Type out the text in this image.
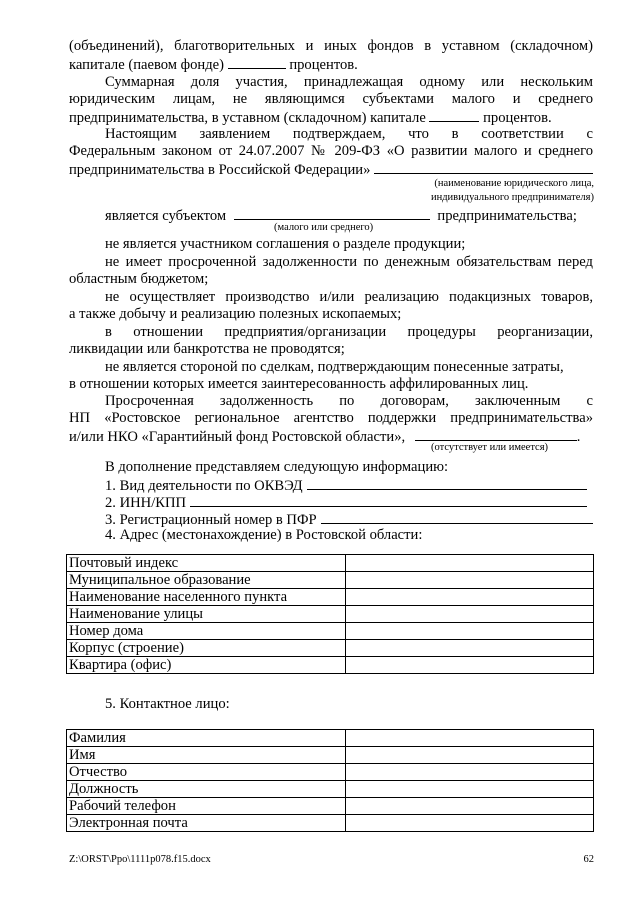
(объединений), благотворительных и иных фондов в уставном (складочном)
капитале (паевом фонде)	процентов.
Суммарная доля участия, принадлежащая одному или нескольким
юридическим лицам, не являющимся субъектами малого и среднего
предпринимательства, в уставном (складочном) капитале	процентов.
Настоящим заявлением подтверждаем, что в соответствии с
Федеральным законом от 24.07.2007 № 209-ФЗ «О развитии малого и среднего
предпринимательства в Российской Федерации»
(наименование юридического лица,
индивидуального предпринимателя)
является субъектом	предпринимательства;
(малого или среднего)
не является участником соглашения о разделе продукции;
не имеет просроченной задолженности по денежным обязательствам перед
областным бюджетом;
не осуществляет производство и/или реализацию подакцизных товаров,
а также добычу и реализацию полезных ископаемых;
в отношении предприятия/организации процедуры реорганизации,
ликвидации или банкротства не проводятся;
не является стороной по сделкам, подтверждающим понесенные затраты,
в отношении которых имеется заинтересованность аффилированных лиц.
Просроченная задолженность по договорам, заключенным с
НП «Ростовское региональное агентство поддержки предпринимательства»
и/или НКО «Гарантийный фонд Ростовской области»,	.
(отсутствует или имеется)
В дополнение представляем следующую информацию:
1. Вид деятельности по ОКВЭД
2. ИНН/КПП
3. Регистрационный номер в ПФР
4. Адрес (местонахождение) в Ростовской области:
Почтовый индекс	
Муниципальное образование	
Наименование населенного пункта	
Наименование улицы	
Номер дома	
Корпус (строение)	
Квартира (офис)	
5. Контактное лицо:
Фамилия	
Имя	
Отчество	
Должность	
Рабочий телефон	
Электронная почта	
Z:\ORST\Ppo\1111p078.f15.docx	62
